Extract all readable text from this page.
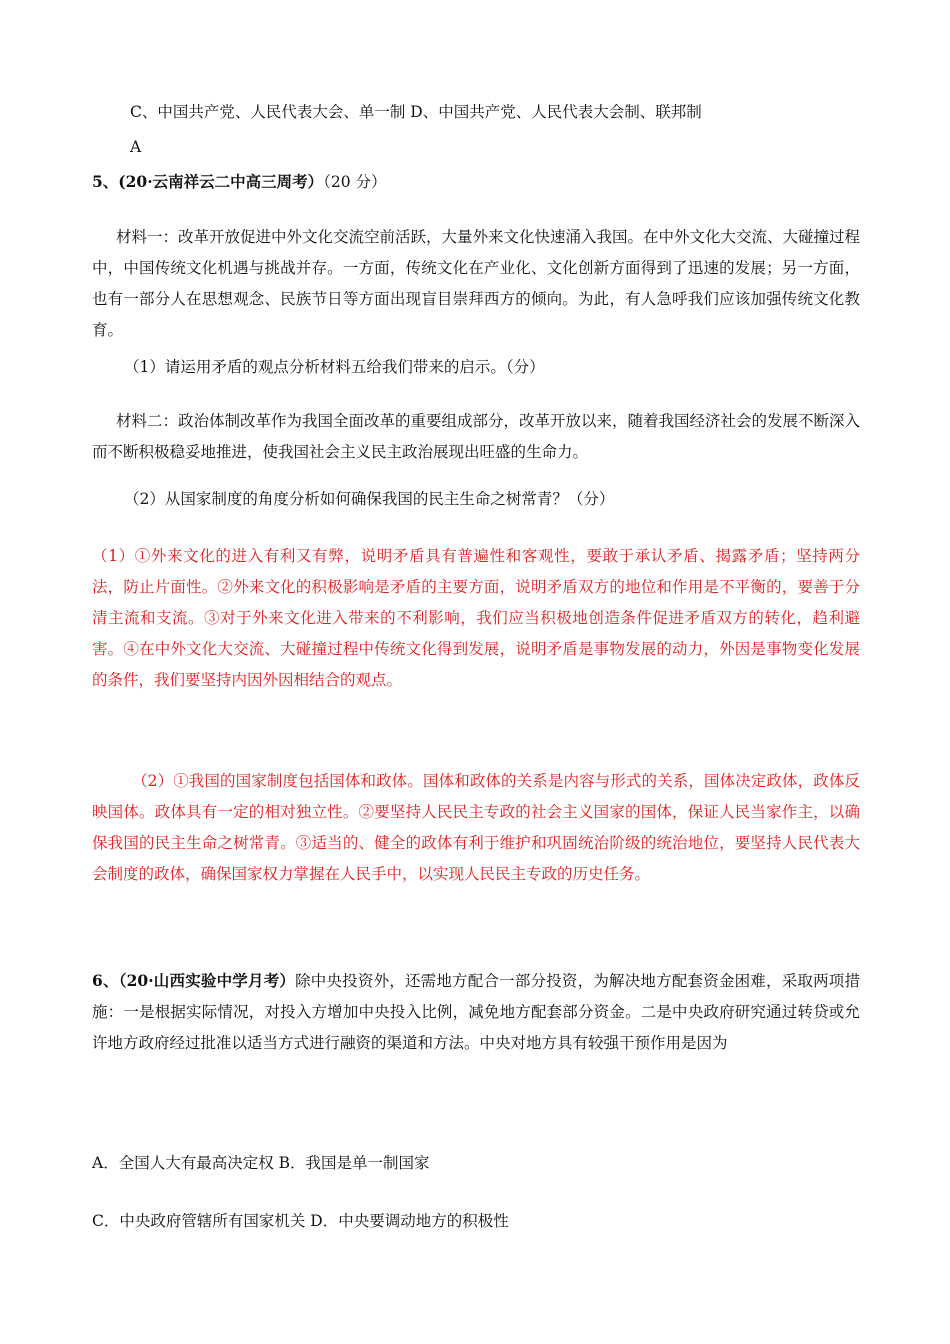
C、中国共产党、人民代表大会、单一制 D、中国共产党、人民代表大会制、联邦制
A
5、(20·云南祥云二中高三周考）（20 分）
材料一：改革开放促进中外文化交流空前活跃，大量外来文化快速涌入我国。在中外文化大交流、大碰撞过程中，中国传统文化机遇与挑战并存。一方面，传统文化在产业化、文化创新方面得到了迅速的发展；另一方面，也有一部分人在思想观念、民族节日等方面出现盲目崇拜西方的倾向。为此，有人急呼我们应该加强传统文化教育。
（1）请运用矛盾的观点分析材料五给我们带来的启示。（分）
材料二：政治体制改革作为我国全面改革的重要组成部分，改革开放以来，随着我国经济社会的发展不断深入而不断积极稳妥地推进，使我国社会主义民主政治展现出旺盛的生命力。
（2）从国家制度的角度分析如何确保我国的民主生命之树常青？（分）
（1）①外来文化的进入有利又有弊，说明矛盾具有普遍性和客观性，要敢于承认矛盾、揭露矛盾；坚持两分法，防止片面性。②外来文化的积极影响是矛盾的主要方面，说明矛盾双方的地位和作用是不平衡的，要善于分清主流和支流。③对于外来文化进入带来的不利影响，我们应当积极地创造条件促进矛盾双方的转化，趋利避害。④在中外文化大交流、大碰撞过程中传统文化得到发展，说明矛盾是事物发展的动力，外因是事物变化发展的条件，我们要坚持内因外因相结合的观点。
（2）①我国的国家制度包括国体和政体。国体和政体的关系是内容与形式的关系，国体决定政体，政体反映国体。政体具有一定的相对独立性。②要坚持人民民主专政的社会主义国家的国体，保证人民当家作主，以确保我国的民主生命之树常青。③适当的、健全的政体有利于维护和巩固统治阶级的统治地位，要坚持人民代表大会制度的政体，确保国家权力掌握在人民手中，以实现人民民主专政的历史任务。
6、（20·山西实验中学月考）除中央投资外，还需地方配合一部分投资，为解决地方配套资金困难，采取两项措施：一是根据实际情况，对投入方增加中央投入比例，减免地方配套部分资金。二是中央政府研究通过转贷或允许地方政府经过批准以适当方式进行融资的渠道和方法。中央对地方具有较强干预作用是因为
A．全国人大有最高决定权 B．我国是单一制国家
C．中央政府管辖所有国家机关 D．中央要调动地方的积极性
